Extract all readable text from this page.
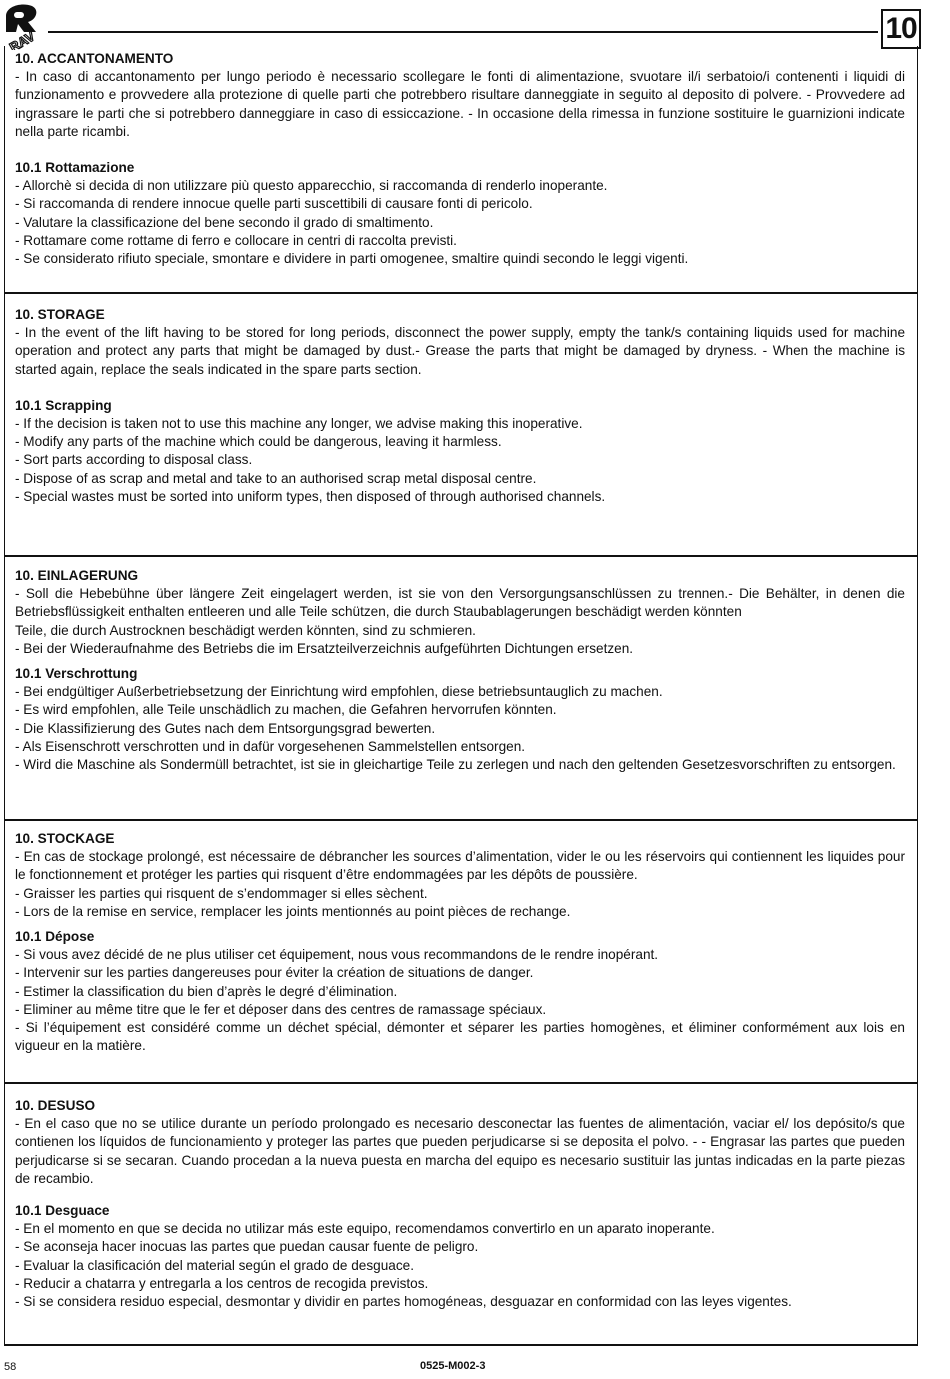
RAV	10
10. ACCANTONAMENTO

- In caso di accantonamento per lungo periodo è necessario scollegare le fonti di alimentazione, svuotare il/i serbatoio/i contenenti i liquidi di funzionamento e provvedere alla protezione di quelle parti che potrebbero risultare danneggiate in seguito al deposito di polvere. - Provvedere ad ingrassare le parti che si potrebbero danneggiare in caso di essiccazione. - In occasione della rimessa in funzione sostituire le guarnizioni indicate nella parte ricambi.

10.1 Rottamazione

- Allorchè si decida di non utilizzare più questo apparecchio, si raccomanda di renderlo inoperante.

- Si raccomanda di rendere innocue quelle parti suscettibili di causare fonti di pericolo.

- Valutare la classificazione del bene secondo il grado di smaltimento.

- Rottamare come rottame di ferro e collocare in centri di raccolta previsti.

- Se considerato rifiuto speciale, smontare e dividere in parti omogenee, smaltire quindi secondo le leggi vigenti.

10. STORAGE

- In the event of the lift having to be stored for long periods, disconnect the power supply, empty the tank/s containing liquids used for machine operation and protect any parts that might be damaged by dust.- Grease the parts that might be damaged by dryness. - When the machine is started again, replace the seals indicated in the spare parts section.

10.1 Scrapping

- If the decision is taken not to use this machine any longer, we advise making this inoperative.

- Modify any parts of the machine which could be dangerous, leaving it harmless.

- Sort parts according to disposal class.

- Dispose of as scrap and metal and take to an authorised scrap metal disposal centre.

- Special wastes must be sorted into uniform types, then disposed of through authorised channels.

10. EINLAGERUNG

- Soll die Hebebühne über längere Zeit eingelagert werden, ist sie von den Versorgungsanschlüssen zu trennen.- Die Behälter, in denen die Betriebsflüssigkeit enthalten entleeren und alle Teile schützen, die durch Staubablagerungen beschädigt werden könnten

Teile, die durch Austrocknen beschädigt werden könnten, sind zu schmieren.

- Bei der Wiederaufnahme des Betriebs die im Ersatzteilverzeichnis aufgeführten Dichtungen ersetzen.

10.1 Verschrottung

- Bei endgültiger Außerbetriebsetzung der Einrichtung wird empfohlen, diese betriebsuntauglich zu machen.

- Es wird empfohlen, alle Teile unschädlich zu machen, die Gefahren hervorrufen könnten.

- Die Klassifizierung des Gutes nach dem Entsorgungsgrad bewerten.

- Als Eisenschrott verschrotten und in dafür vorgesehenen Sammelstellen entsorgen.

- Wird die Maschine als Sondermüll betrachtet, ist sie in gleichartige Teile zu zerlegen und nach den geltenden Gesetzesvorschriften zu entsorgen.

10. STOCKAGE

- En cas de stockage prolongé, est nécessaire de débrancher les sources d’alimentation, vider le ou les réservoirs qui contiennent les liquides pour le fonctionnement et protéger les parties qui risquent d’être endommagées par les dépôts de poussière.

- Graisser les parties qui risquent de s’endommager si elles sèchent.

- Lors de la remise en service, remplacer les joints mentionnés au point pièces de rechange.

10.1 Dépose

- Si vous avez décidé de ne plus utiliser cet équipement, nous vous recommandons de le rendre inopérant.

- Intervenir sur les parties dangereuses pour éviter la création de situations de danger.

- Estimer la classification du bien d’après le degré d’élimination.

- Eliminer au même titre que le fer et déposer dans des centres de ramassage spéciaux.

- Si l’équipement est considéré comme un déchet spécial, démonter et séparer les parties homogènes, et éliminer conformément aux lois en vigueur en la matière.

10. DESUSO

- En el caso que no se utilice durante un período prolongado es necesario desconectar las fuentes de alimentación, vaciar el/ los depósito/s que contienen los líquidos de funcionamiento y proteger las partes que pueden perjudicarse si se deposita el polvo. - - Engrasar las partes que pueden perjudicarse si se secaran. Cuando procedan a la nueva puesta en marcha del equipo es necesario sustituir las juntas indicadas en la parte piezas de recambio.

10.1 Desguace

- En el momento en que se decida no utilizar más este equipo, recomendamos convertirlo en un aparato inoperante.

- Se aconseja hacer inocuas las partes que puedan causar fuente de peligro.

- Evaluar la clasificación del material según el grado de desguace.

- Reducir a chatarra y entregarla a los centros de recogida previstos.

- Si se considera residuo especial, desmontar y dividir en partes homogéneas, desguazar en conformidad con las leyes vigentes.

58	0525-M002-3
